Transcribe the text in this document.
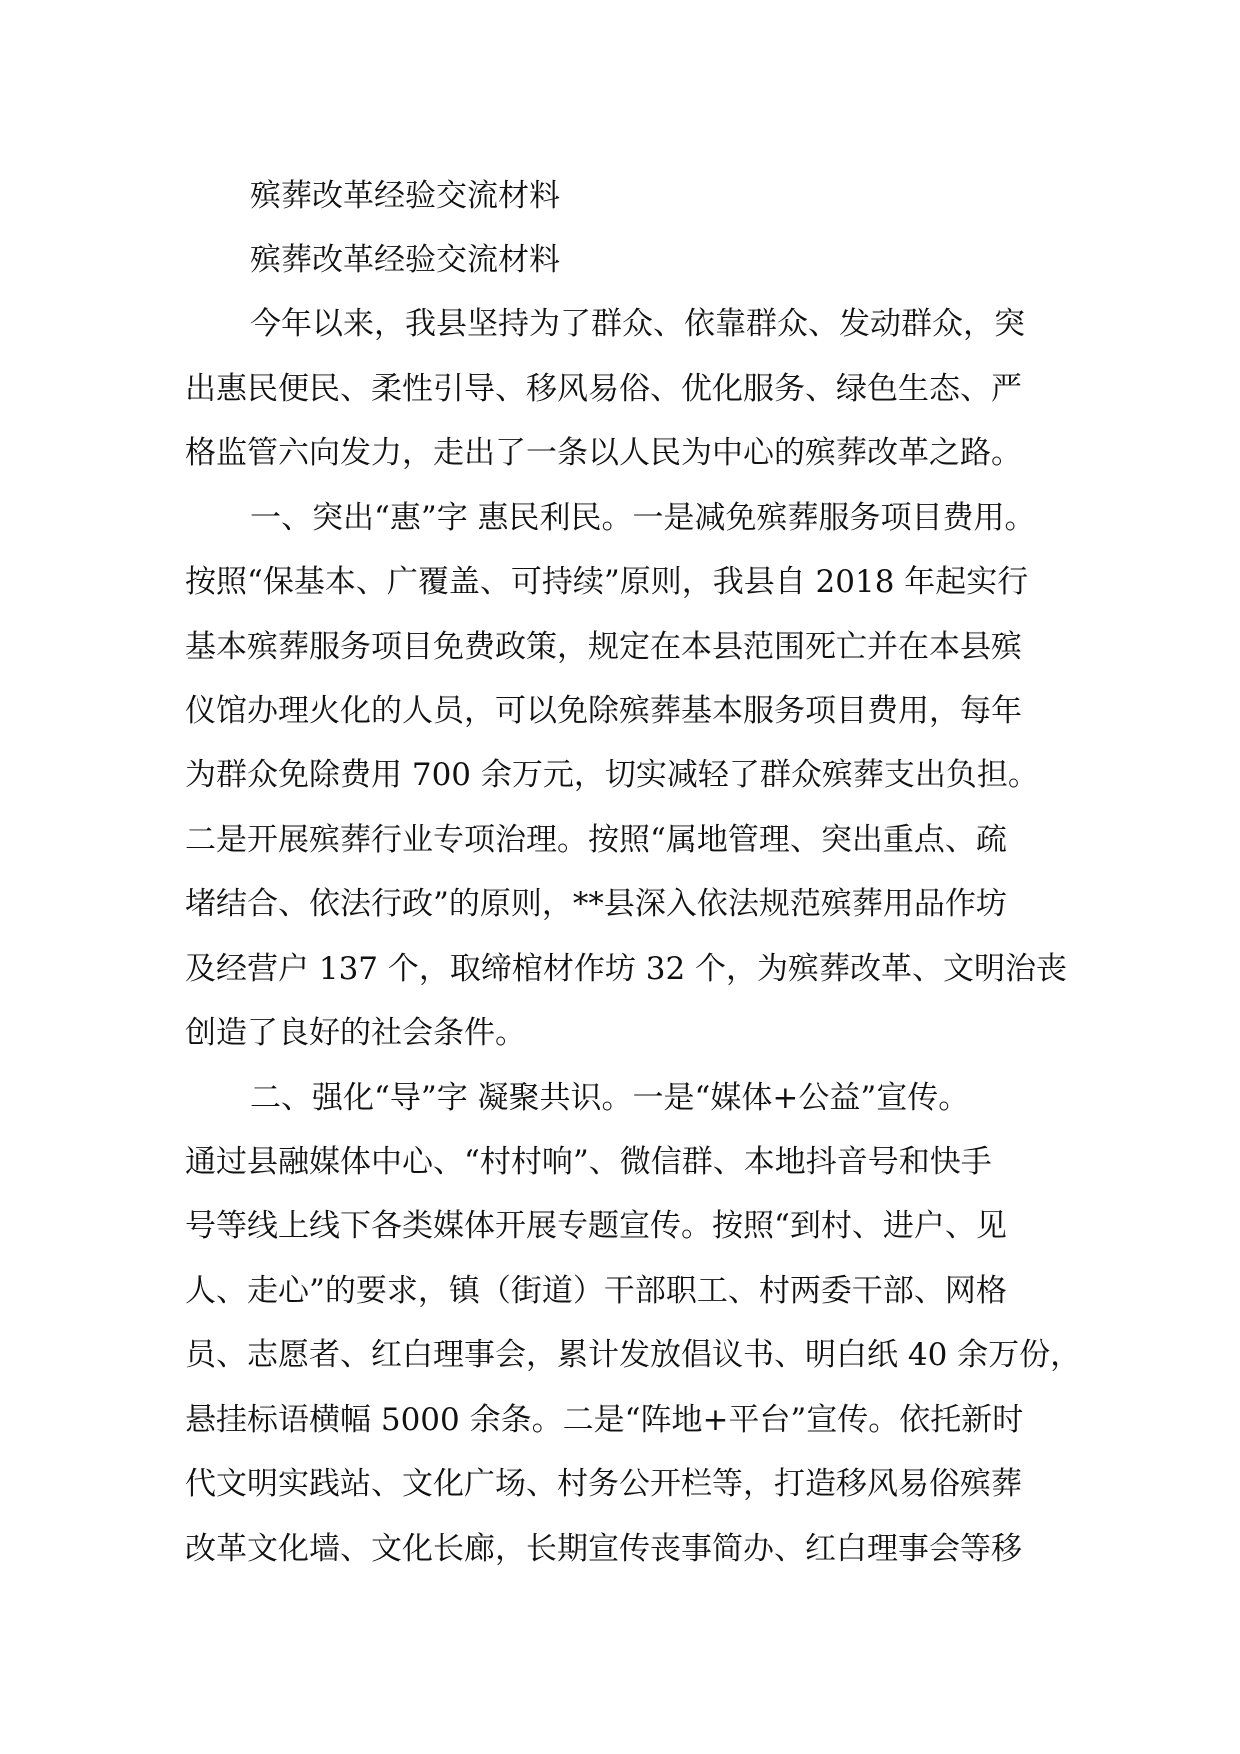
殡葬改革经验交流材料
殡葬改革经验交流材料
今年以来，我县坚持为了群众、依靠群众、发动群众，突
出惠民便民、柔性引导、移风易俗、优化服务、绿色生态、严
格监管六向发力，走出了一条以人民为中心的殡葬改革之路。
一、突出“惠”字 惠民利民。一是减免殡葬服务项目费用。
按照“保基本、广覆盖、可持续”原则，我县自 2018 年起实行
基本殡葬服务项目免费政策，规定在本县范围死亡并在本县殡
仪馆办理火化的人员，可以免除殡葬基本服务项目费用，每年
为群众免除费用 700 余万元，切实减轻了群众殡葬支出负担。
二是开展殡葬行业专项治理。按照“属地管理、突出重点、疏
堵结合、依法行政”的原则，**县深入依法规范殡葬用品作坊
及经营户 137 个，取缔棺材作坊 32 个，为殡葬改革、文明治丧
创造了良好的社会条件。
二、强化“导”字 凝聚共识。一是“媒体+公益”宣传。
通过县融媒体中心、“村村响”、微信群、本地抖音号和快手
号等线上线下各类媒体开展专题宣传。按照“到村、进户、见
人、走心”的要求，镇（街道）干部职工、村两委干部、网格
员、志愿者、红白理事会，累计发放倡议书、明白纸 40 余万份，
悬挂标语横幅 5000 余条。二是“阵地+平台”宣传。依托新时
代文明实践站、文化广场、村务公开栏等，打造移风易俗殡葬
改革文化墙、文化长廊，长期宣传丧事简办、红白理事会等移
